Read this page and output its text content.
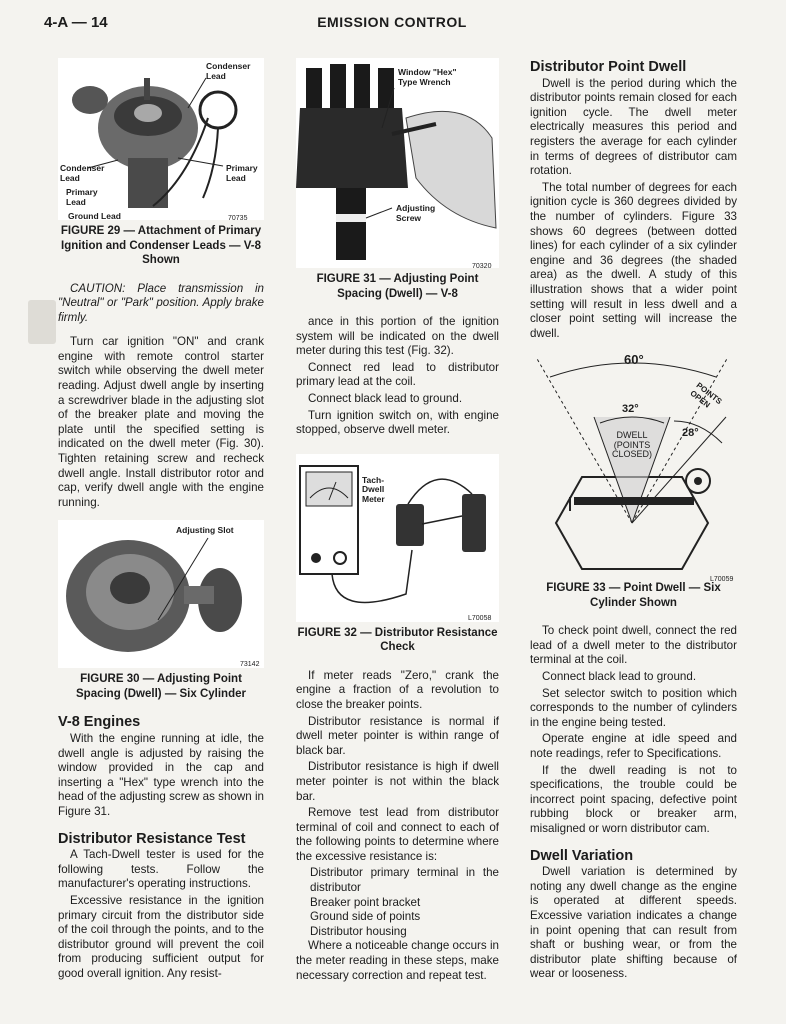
4-A — 14	EMISSION CONTROL
Condenser Lead
Condenser Lead
Primary Lead
Primary Lead
Ground Lead	70735
FIGURE 29 — Attachment of Primary Ignition and Condenser Leads — V-8 Shown

CAUTION: Place transmission in "Neutral" or "Park" position. Apply brake firmly.

Turn car ignition "ON" and crank engine with remote control starter switch while observing the dwell meter reading. Adjust dwell angle by inserting a screwdriver blade in the adjusting slot of the breaker plate and moving the plate until the specified setting is indicated on the dwell meter (Fig. 30). Tighten retaining screw and recheck dwell angle. Install distributor rotor and cap, verify dwell angle with the engine running.

Adjusting Slot
73142
FIGURE 30 — Adjusting Point Spacing (Dwell) — Six Cylinder
V-8 Engines

With the engine running at idle, the dwell angle is adjusted by raising the window provided in the cap and inserting a "Hex" type wrench into the head of the adjusting screw as shown in Figure 31.

Distributor Resistance Test

A Tach-Dwell tester is used for the following tests. Follow the manufacturer's operating instructions.

Excessive resistance in the ignition primary circuit from the distributor side of the coil through the points, and to the distributor ground will prevent the coil from producing sufficient output for good overall ignition. Any resist-

Window "Hex" Type Wrench
Adjusting Screw
70320
FIGURE 31 — Adjusting Point Spacing (Dwell) — V-8

ance in this portion of the ignition system will be indicated on the dwell meter during this test (Fig. 32).

Connect red lead to distributor primary lead at the coil.

Connect black lead to ground.

Turn ignition switch on, with engine stopped, observe dwell meter.

Tach-Dwell Meter
L70058
FIGURE 32 — Distributor Resistance Check

If meter reads "Zero," crank the engine a fraction of a revolution to close the breaker points.

Distributor resistance is normal if dwell meter pointer is within range of black bar.

Distributor resistance is high if dwell meter pointer is not within the black bar.

Remove test lead from distributor terminal of coil and connect to each of the following points to determine where the excessive resistance is:

Distributor primary terminal in the distributor

Breaker point bracket

Ground side of points

Distributor housing

Where a noticeable change occurs in the meter reading in these steps, make necessary correction and repeat test.

Distributor Point Dwell

Dwell is the period during which the distributor points remain closed for each ignition cycle. The dwell meter electrically measures this period and registers the average for each cylinder in terms of degrees of distributor cam rotation.

The total number of degrees for each ignition cycle is 360 degrees divided by the number of cylinders. Figure 33 shows 60 degrees (between dotted lines) for each cylinder of a six cylinder engine and 36 degrees (the shaded area) as the dwell. A study of this illustration shows that a wider point setting will result in less dwell and a closer point setting will increase the dwell.

60°
32°
28°
POINTS OPEN
DWELL
(POINTS
CLOSED)
L70059
FIGURE 33 — Point Dwell — Six Cylinder Shown

To check point dwell, connect the red lead of a dwell meter to the distributor terminal at the coil.

Connect black lead to ground.

Set selector switch to position which corresponds to the number of cylinders in the engine being tested.

Operate engine at idle speed and note readings, refer to Specifications.

If the dwell reading is not to specifications, the trouble could be incorrect point spacing, defective point rubbing block or breaker arm, misaligned or worn distributor cam.

Dwell Variation

Dwell variation is determined by noting any dwell change as the engine is operated at different speeds. Excessive variation indicates a change in point opening that can result from shaft or bushing wear, or from the distributor plate shifting because of wear or looseness.
